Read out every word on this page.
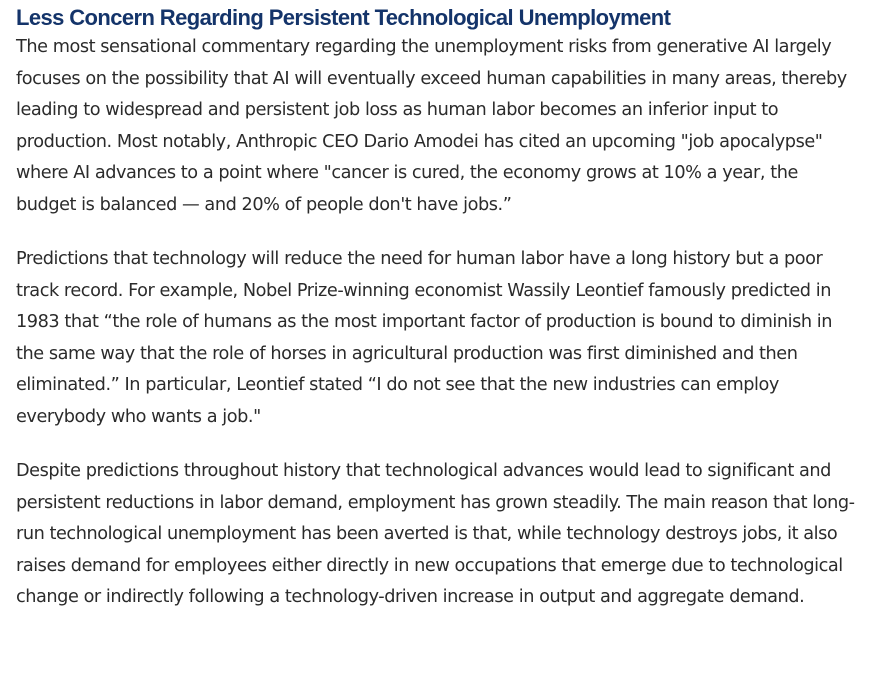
Less Concern Regarding Persistent Technological Unemployment

The most sensational commentary regarding the unemployment risks from generative AI largely focuses on the possibility that AI will eventually exceed human capabilities in many areas, thereby leading to widespread and persistent job loss as human labor becomes an inferior input to production. Most notably, Anthropic CEO Dario Amodei has cited an upcoming "job apocalypse" where AI advances to a point where "cancer is cured, the economy grows at 10% a year, the budget is balanced — and 20% of people don't have jobs.”

Predictions that technology will reduce the need for human labor have a long history but a poor track record. For example, Nobel Prize-winning economist Wassily Leontief famously predicted in 1983 that “the role of humans as the most important factor of production is bound to diminish in the same way that the role of horses in agricultural production was first diminished and then eliminated.” In particular, Leontief stated “I do not see that the new industries can employ everybody who wants a job."

Despite predictions throughout history that technological advances would lead to significant and persistent reductions in labor demand, employment has grown steadily. The main reason that long-run technological unemployment has been averted is that, while technology destroys jobs, it also raises demand for employees either directly in new occupations that emerge due to technological change or indirectly following a technology-driven increase in output and aggregate demand.
